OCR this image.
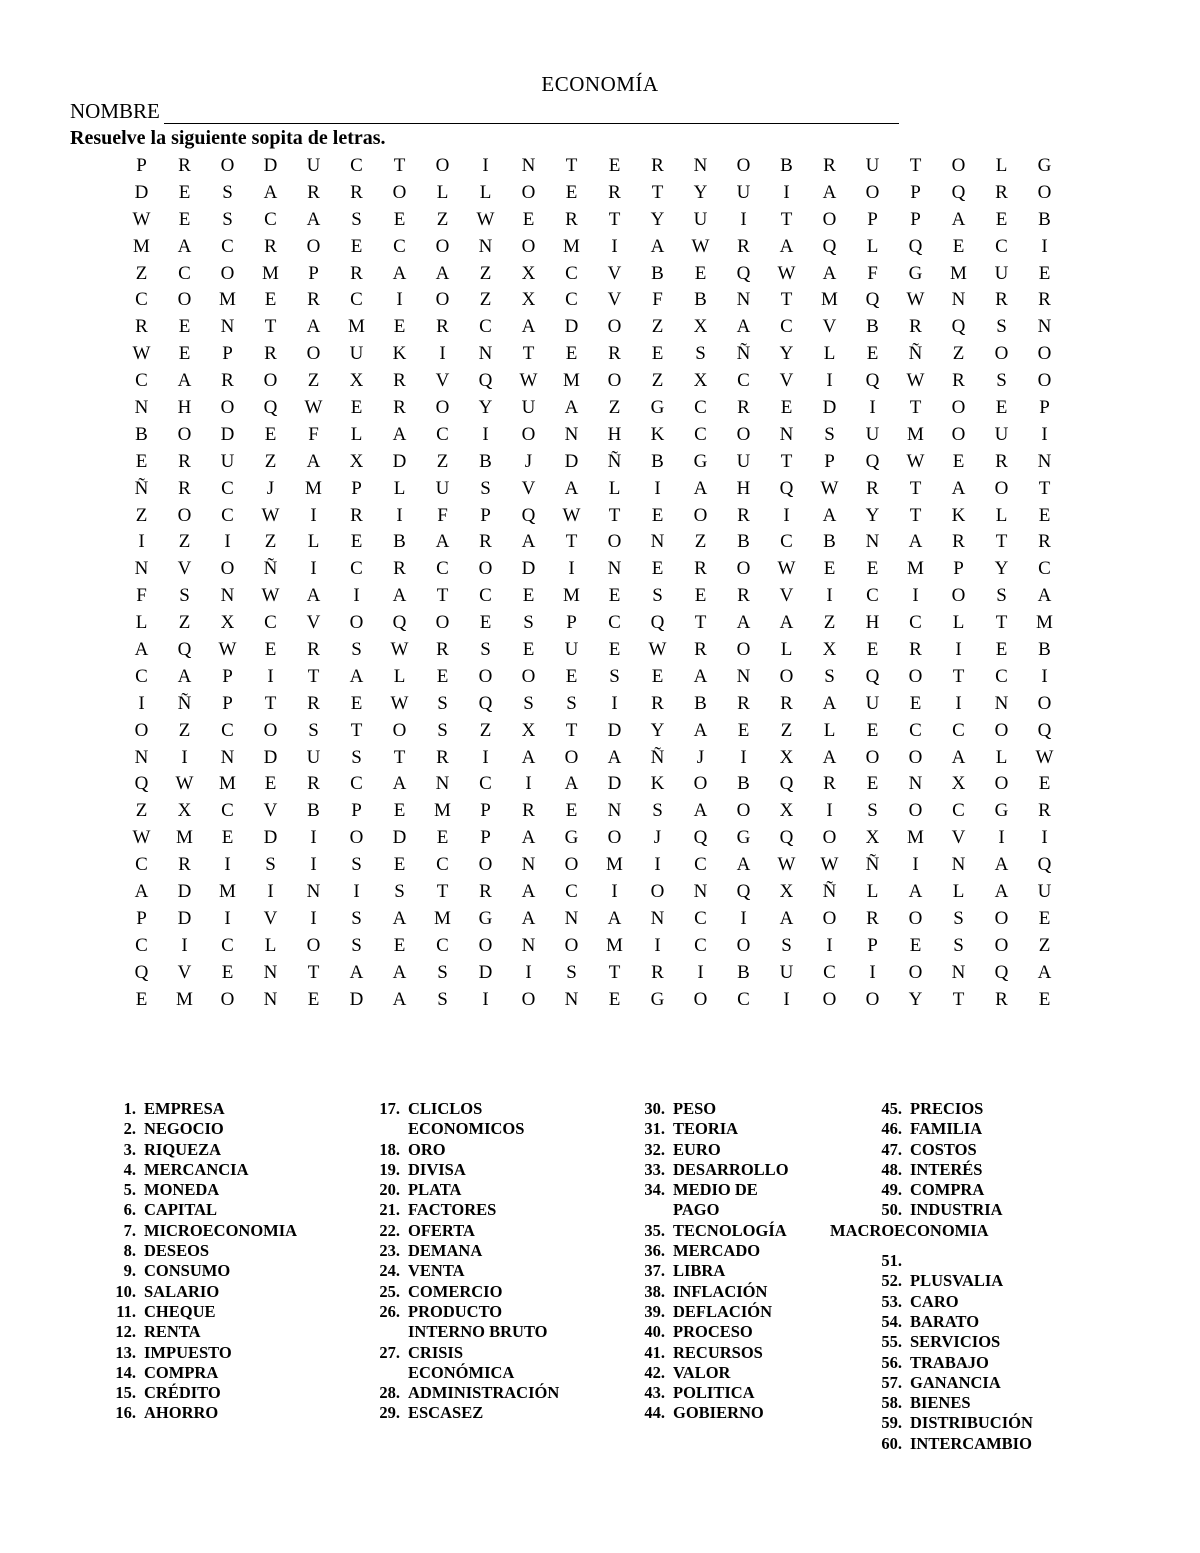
ECONOMÍA
NOMBRE
Resuelve la siguiente sopita de letras.
P	R	O	D	U	C	T	O	I	N	T	E	R	N	O	B	R	U	T	O	L	G
D	E	S	A	R	R	O	L	L	O	E	R	T	Y	U	I	A	O	P	Q	R	O
W	E	S	C	A	S	E	Z	W	E	R	T	Y	U	I	T	O	P	P	A	E	B
M	A	C	R	O	E	C	O	N	O	M	I	A	W	R	A	Q	L	Q	E	C	I
Z	C	O	M	P	R	A	A	Z	X	C	V	B	E	Q	W	A	F	G	M	U	E
C	O	M	E	R	C	I	O	Z	X	C	V	F	B	N	T	M	Q	W	N	R	R
R	E	N	T	A	M	E	R	C	A	D	O	Z	X	A	C	V	B	R	Q	S	N
W	E	P	R	O	U	K	I	N	T	E	R	E	S	Ñ	Y	L	E	Ñ	Z	O	O
C	A	R	O	Z	X	R	V	Q	W	M	O	Z	X	C	V	I	Q	W	R	S	O
N	H	O	Q	W	E	R	O	Y	U	A	Z	G	C	R	E	D	I	T	O	E	P
B	O	D	E	F	L	A	C	I	O	N	H	K	C	O	N	S	U	M	O	U	I
E	R	U	Z	A	X	D	Z	B	J	D	Ñ	B	G	U	T	P	Q	W	E	R	N
Ñ	R	C	J	M	P	L	U	S	V	A	L	I	A	H	Q	W	R	T	A	O	T
Z	O	C	W	I	R	I	F	P	Q	W	T	E	O	R	I	A	Y	T	K	L	E
I	Z	I	Z	L	E	B	A	R	A	T	O	N	Z	B	C	B	N	A	R	T	R
N	V	O	Ñ	I	C	R	C	O	D	I	N	E	R	O	W	E	E	M	P	Y	C
F	S	N	W	A	I	A	T	C	E	M	E	S	E	R	V	I	C	I	O	S	A
L	Z	X	C	V	O	Q	O	E	S	P	C	Q	T	A	A	Z	H	C	L	T	M
A	Q	W	E	R	S	W	R	S	E	U	E	W	R	O	L	X	E	R	I	E	B
C	A	P	I	T	A	L	E	O	O	E	S	E	A	N	O	S	Q	O	T	C	I
I	Ñ	P	T	R	E	W	S	Q	S	S	I	R	B	R	R	A	U	E	I	N	O
O	Z	C	O	S	T	O	S	Z	X	T	D	Y	A	E	Z	L	E	C	C	O	Q
N	I	N	D	U	S	T	R	I	A	O	A	Ñ	J	I	X	A	O	O	A	L	W
Q	W	M	E	R	C	A	N	C	I	A	D	K	O	B	Q	R	E	N	X	O	E
Z	X	C	V	B	P	E	M	P	R	E	N	S	A	O	X	I	S	O	C	G	R
W	M	E	D	I	O	D	E	P	A	G	O	J	Q	G	Q	O	X	M	V	I	I
C	R	I	S	I	S	E	C	O	N	O	M	I	C	A	W	W	Ñ	I	N	A	Q
A	D	M	I	N	I	S	T	R	A	C	I	O	N	Q	X	Ñ	L	A	L	A	U
P	D	I	V	I	S	A	M	G	A	N	A	N	C	I	A	O	R	O	S	O	E
C	I	C	L	O	S	E	C	O	N	O	M	I	C	O	S	I	P	E	S	O	Z
Q	V	E	N	T	A	A	S	D	I	S	T	R	I	B	U	C	I	O	N	Q	A
E	M	O	N	E	D	A	S	I	O	N	E	G	O	C	I	O	O	Y	T	R	E
1. EMPRESA
2. NEGOCIO
3. RIQUEZA
4. MERCANCIA
5. MONEDA
6. CAPITAL
7. MICROECONOMIA
8. DESEOS
9. CONSUMO
10. SALARIO
11. CHEQUE
12. RENTA
13. IMPUESTO
14. COMPRA
15. CRÉDITO
16. AHORRO
17. CLICLOS
ECONOMICOS
18. ORO
19. DIVISA
20. PLATA
21. FACTORES
22. OFERTA
23. DEMANA
24. VENTA
25. COMERCIO
26. PRODUCTO
INTERNO BRUTO
27. CRISIS
ECONÓMICA
28. ADMINISTRACIÓN
29. ESCASEZ
30. PESO
31. TEORIA
32. EURO
33. DESARROLLO
34. MEDIO DE
PAGO
35. TECNOLOGÍA
36. MERCADO
37. LIBRA
38. INFLACIÓN
39. DEFLACIÓN
40. PROCESO
41. RECURSOS
42. VALOR
43. POLITICA
44. GOBIERNO
45. PRECIOS
46. FAMILIA
47. COSTOS
48. INTERÉS
49. COMPRA
50. INDUSTRIA
MACROECONOMIA
51.
52. PLUSVALIA
53. CARO
54. BARATO
55. SERVICIOS
56. TRABAJO
57. GANANCIA
58. BIENES
59. DISTRIBUCIÓN
60. INTERCAMBIO
